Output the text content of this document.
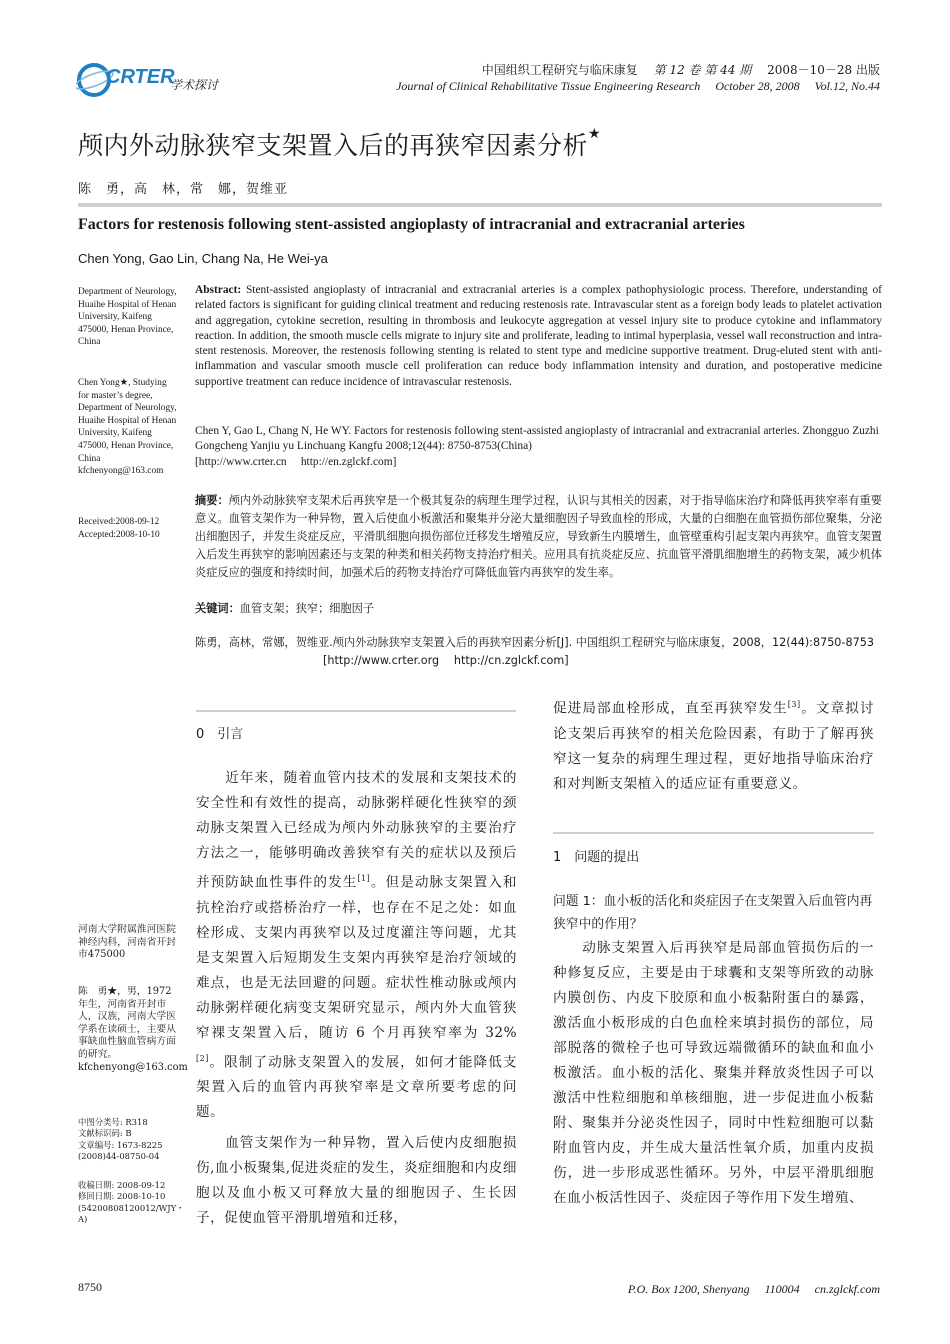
CRTER
学术探讨
中国组织工程研究与临床康复　 第 12 卷 第 44 期　 2008－10－28 出版
Journal of Clinical Rehabilitative Tissue Engineering Research　 October 28, 2008　 Vol.12, No.44
颅内外动脉狭窄支架置入后的再狭窄因素分析★
陈　勇，高　林，常　娜，贺维亚
Factors for restenosis following stent-assisted angioplasty of intracranial and extracranial arteries
Chen Yong, Gao Lin, Chang Na, He Wei-ya
Department of Neurology, Huaihe Hospital of Henan University, Kaifeng 475000, Henan Province, China
Chen Yong★, Studying for master’s degree, Department of Neurology, Huaihe Hospital of Henan University, Kaifeng 475000, Henan Province, China kfchenyong@163.com
Received:2008-09-12
Accepted:2008-10-10
Abstract: Stent-assisted angioplasty of intracranial and extracranial arteries is a complex pathophysiologic process. Therefore, understanding of related factors is significant for guiding clinical treatment and reducing restenosis rate. Intravascular stent as a foreign body leads to platelet activation and aggregation, cytokine secretion, resulting in thrombosis and leukocyte aggregation at vessel injury site to produce cytokine and inflammatory reaction. In addition, the smooth muscle cells migrate to injury site and proliferate, leading to intimal hyperplasia, vessel wall reconstruction and intra-stent restenosis. Moreover, the restenosis following stenting is related to stent type and medicine supportive treatment. Drug-eluted stent with anti-inflammation and vascular smooth muscle cell proliferation can reduce body inflammation intensity and duration, and postoperative medicine supportive treatment can reduce incidence of intravascular restenosis.
Chen Y, Gao L, Chang N, He WY. Factors for restenosis following stent-assisted angioplasty of intracranial and extracranial arteries. Zhongguo Zuzhi Gongcheng Yanjiu yu Linchuang Kangfu 2008;12(44): 8750-8753(China)
[http://www.crter.cn　 http://en.zglckf.com]
摘要：颅内外动脉狭窄支架术后再狭窄是一个极其复杂的病理生理学过程，认识与其相关的因素，对于指导临床治疗和降低再狭窄率有重要意义。血管支架作为一种异物，置入后使血小板激活和聚集并分泌大量细胞因子导致血栓的形成，大量的白细胞在血管损伤部位聚集，分泌出细胞因子，并发生炎症反应，平滑肌细胞向损伤部位迁移发生增殖反应，导致新生内膜增生，血管壁重构引起支架内再狭窄。血管支架置入后发生再狭窄的影响因素还与支架的种类和相关药物支持治疗相关。应用具有抗炎症反应、抗血管平滑肌细胞增生的药物支架，减少机体炎症反应的强度和持续时间，加强术后的药物支持治疗可降低血管内再狭窄的发生率。
关键词：血管支架；狭窄；细胞因子
陈勇，高林，常娜，贺维亚.颅内外动脉狭窄支架置入后的再狭窄因素分析[J]. 中国组织工程研究与临床康复，2008，12(44):8750-8753
[http://www.crter.org　 http://cn.zglckf.com]
河南大学附属淮河医院神经内科，河南省开封市475000
陈　勇★，男，1972 年生，河南省开封市人，汉族，河南大学医学系在读硕士，主要从事缺血性脑血管病方面的研究。kfchenyong@163.com
中图分类号: R318
文献标识码: B
文章编号: 1673-8225 (2008)44-08750-04
收稿日期: 2008-09-12
修回日期: 2008-10-10
(54200808120012/WJY・A)
0　引言
　　近年来，随着血管内技术的发展和支架技术的安全性和有效性的提高，动脉粥样硬化性狭窄的颈动脉支架置入已经成为颅内外动脉狭窄的主要治疗方法之一，能够明确改善狭窄有关的症状以及预后并预防缺血性事件的发生[1]。但是动脉支架置入和抗栓治疗或搭桥治疗一样，也存在不足之处：如血栓形成、支架内再狭窄以及过度灌注等问题，尤其是支架置入后短期发生支架内再狭窄是治疗领域的难点，也是无法回避的问题。症状性椎动脉或颅内动脉粥样硬化病变支架研究显示，颅内外大血管狭窄裸支架置入后，随访 6 个月再狭窄率为 32%[2]。限制了动脉支架置入的发展，如何才能降低支架置入后的血管内再狭窄率是文章所要考虑的问题。
　　血管支架作为一种异物，置入后使内皮细胞损伤,血小板聚集,促进炎症的发生，炎症细胞和内皮细胞以及血小板又可释放大量的细胞因子、生长因子，促使血管平滑肌增殖和迁移，
促进局部血栓形成，直至再狭窄发生[3]。文章拟讨论支架后再狭窄的相关危险因素，有助于了解再狭窄这一复杂的病理生理过程，更好地指导临床治疗和对判断支架植入的适应证有重要意义。
1　问题的提出
问题 1：血小板的活化和炎症因子在支架置入后血管内再狭窄中的作用？
　　动脉支架置入后再狭窄是局部血管损伤后的一种修复反应，主要是由于球囊和支架等所致的动脉内膜创伤、内皮下胶原和血小板黏附蛋白的暴露，激活血小板形成的白色血栓来填封损伤的部位，局部脱落的微栓子也可导致远端微循环的缺血和血小板激活。血小板的活化、聚集并释放炎性因子可以激活中性粒细胞和单核细胞，进一步促进血小板黏附、聚集并分泌炎性因子，同时中性粒细胞可以黏附血管内皮，并生成大量活性氧介质，加重内皮损伤，进一步形成恶性循环。另外，中层平滑肌细胞在血小板活性因子、炎症因子等作用下发生增殖、
8750	P.O. Box 1200, Shenyang　 110004　 cn.zglckf.com
